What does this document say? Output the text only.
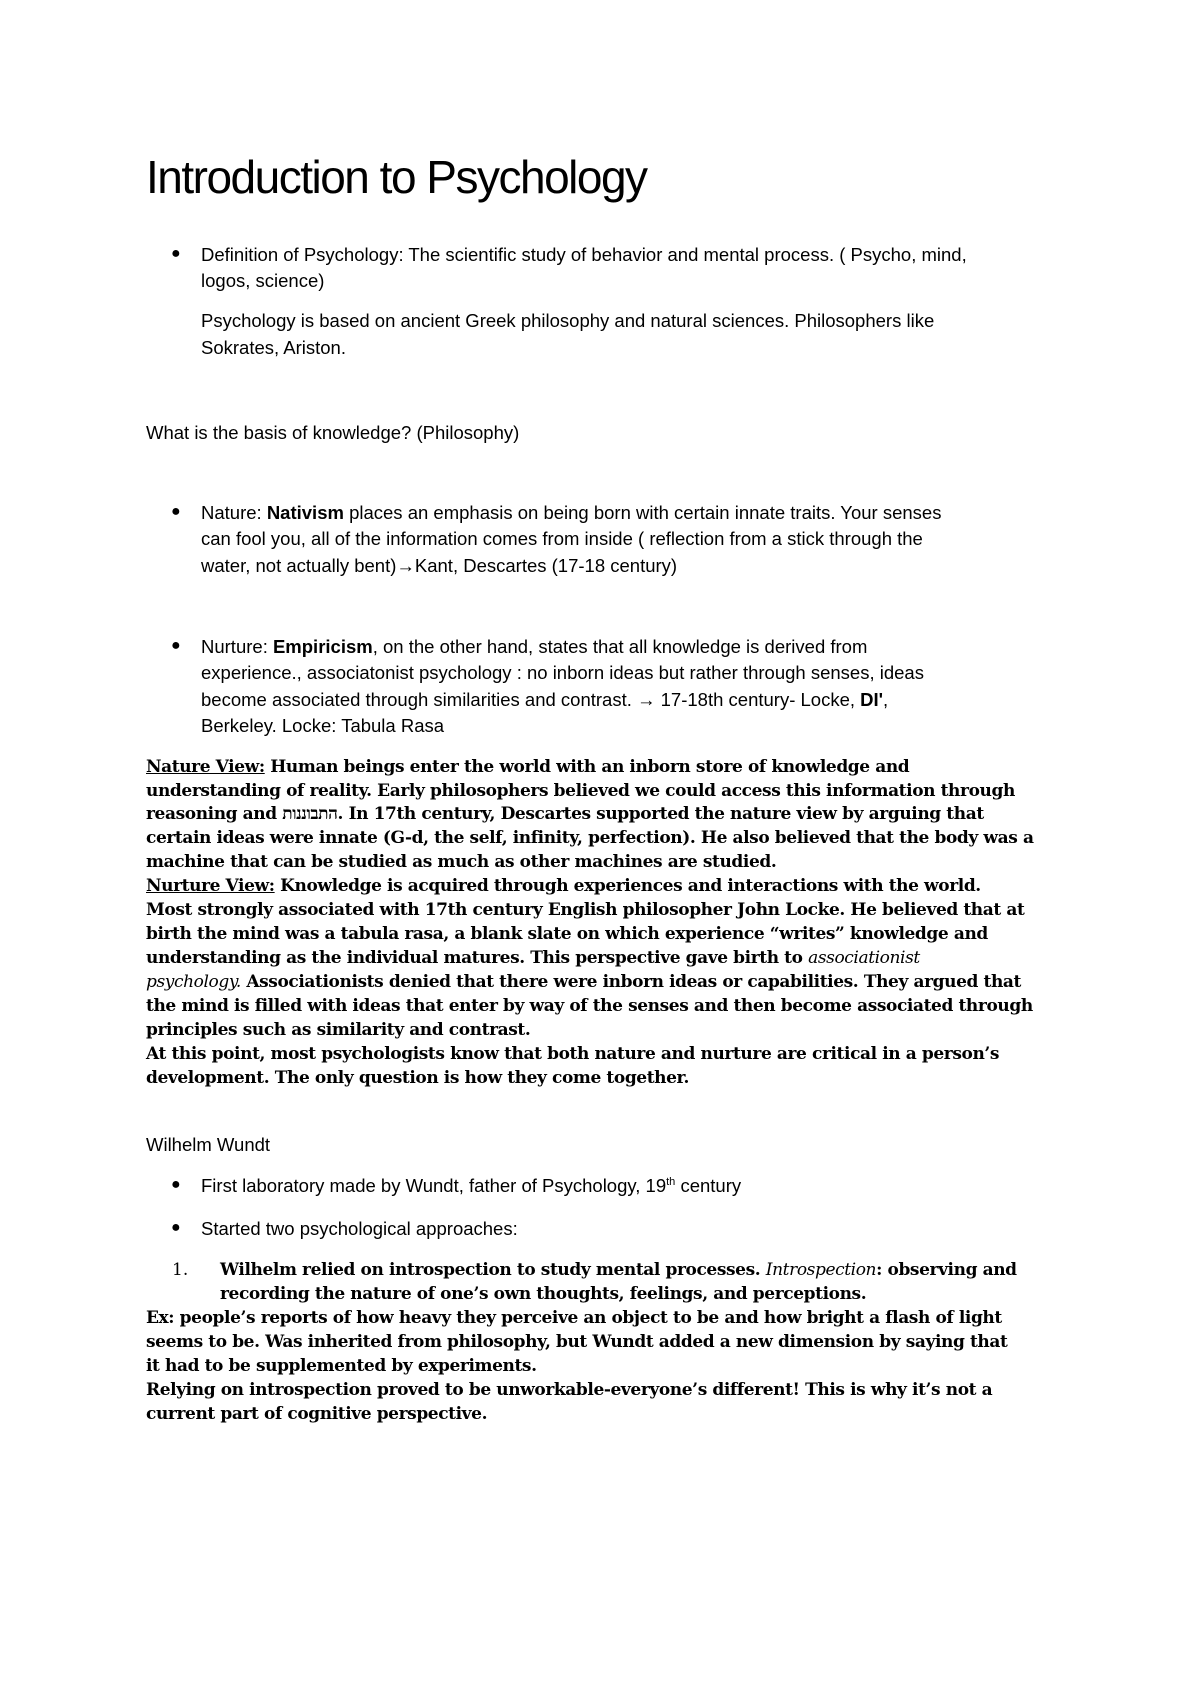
Introduction to Psychology
● Definition of Psychology: The scientific study of behavior and mental process. ( Psycho, mind,
logos, science)
Psychology is based on ancient Greek philosophy and natural sciences. Philosophers like
Sokrates, Ariston.
What is the basis of knowledge? (Philosophy)
● Nature: Nativism places an emphasis on being born with certain innate traits. Your senses
can fool you, all of the information comes from inside ( reflection from a stick through the
water, not actually bent)→Kant, Descartes (17-18 century)
● Nurture: Empiricism, on the other hand, states that all knowledge is derived from
experience., associatonist psychology : no inborn ideas but rather through senses, ideas
become associated through similarities and contrast. → 17-18th century- Locke, DI',
Berkeley. Locke: Tabula Rasa
Nature View: Human beings enter the world with an inborn store of knowledge and
understanding of reality. Early philosophers believed we could access this information through
reasoning and התבוננות. In 17th century, Descartes supported the nature view by arguing that
certain ideas were innate (G-d, the self, infinity, perfection). He also believed that the body was a
machine that can be studied as much as other machines are studied.
Nurture View: Knowledge is acquired through experiences and interactions with the world.
Most strongly associated with 17th century English philosopher John Locke. He believed that at
birth the mind was a tabula rasa, a blank slate on which experience “writes” knowledge and
understanding as the individual matures. This perspective gave birth to associationist
psychology. Associationists denied that there were inborn ideas or capabilities. They argued that
the mind is filled with ideas that enter by way of the senses and then become associated through
principles such as similarity and contrast.
At this point, most psychologists know that both nature and nurture are critical in a person’s
development. The only question is how they come together.
Wilhelm Wundt
● First laboratory made by Wundt, father of Psychology, 19th century
● Started two psychological approaches:
1. Wilhelm relied on introspection to study mental processes. Introspection: observing and
recording the nature of one’s own thoughts, feelings, and perceptions.
Ex: people’s reports of how heavy they perceive an object to be and how bright a flash of light
seems to be. Was inherited from philosophy, but Wundt added a new dimension by saying that
it had to be supplemented by experiments.
Relying on introspection proved to be unworkable-everyone’s different! This is why it’s not a
current part of cognitive perspective.
